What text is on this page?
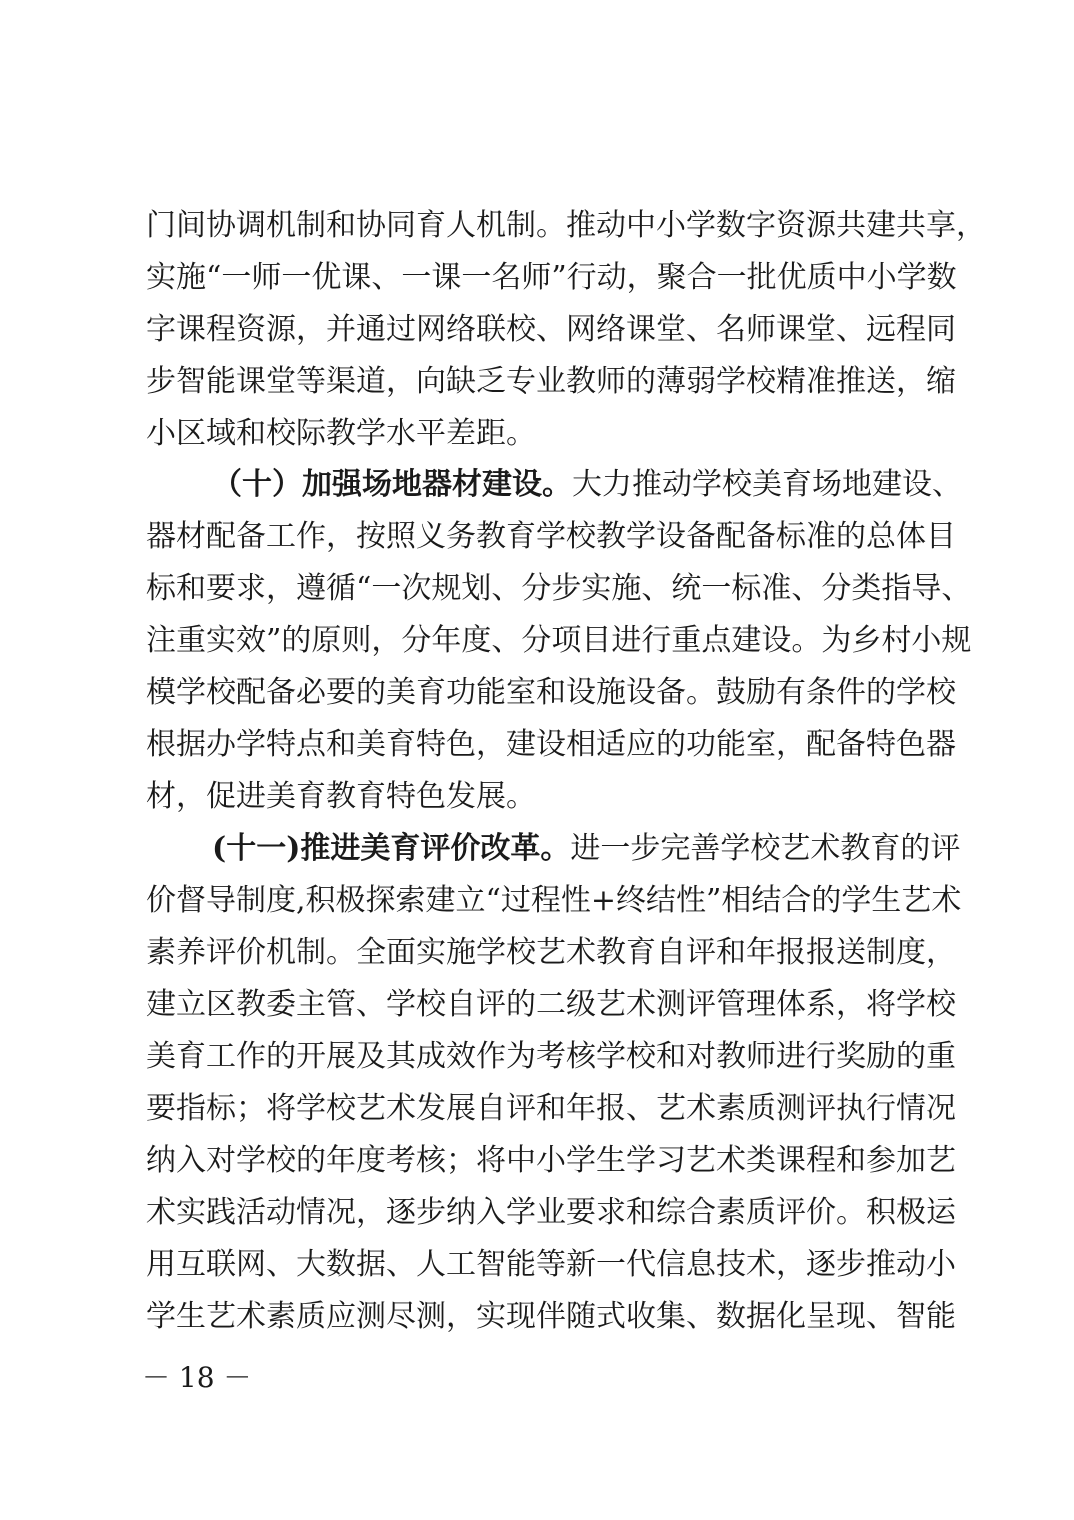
门间协调机制和协同育人机制。推动中小学数字资源共建共享，
实施“一师一优课、一课一名师”行动，聚合一批优质中小学数
字课程资源，并通过网络联校、网络课堂、名师课堂、远程同
步智能课堂等渠道，向缺乏专业教师的薄弱学校精准推送，缩
小区域和校际教学水平差距。
（十）加强场地器材建设。大力推动学校美育场地建设、
器材配备工作，按照义务教育学校教学设备配备标准的总体目
标和要求，遵循“一次规划、分步实施、统一标准、分类指导、
注重实效”的原则，分年度、分项目进行重点建设。为乡村小规
模学校配备必要的美育功能室和设施设备。鼓励有条件的学校
根据办学特点和美育特色，建设相适应的功能室，配备特色器
材，促进美育教育特色发展。
(十一)推进美育评价改革。进一步完善学校艺术教育的评
价督导制度,积极探索建立“过程性+终结性”相结合的学生艺术
素养评价机制。全面实施学校艺术教育自评和年报报送制度，
建立区教委主管、学校自评的二级艺术测评管理体系，将学校
美育工作的开展及其成效作为考核学校和对教师进行奖励的重
要指标；将学校艺术发展自评和年报、艺术素质测评执行情况
纳入对学校的年度考核；将中小学生学习艺术类课程和参加艺
术实践活动情况，逐步纳入学业要求和综合素质评价。积极运
用互联网、大数据、人工智能等新一代信息技术，逐步推动小
学生艺术素质应测尽测，实现伴随式收集、数据化呈现、智能
－ 18 －
